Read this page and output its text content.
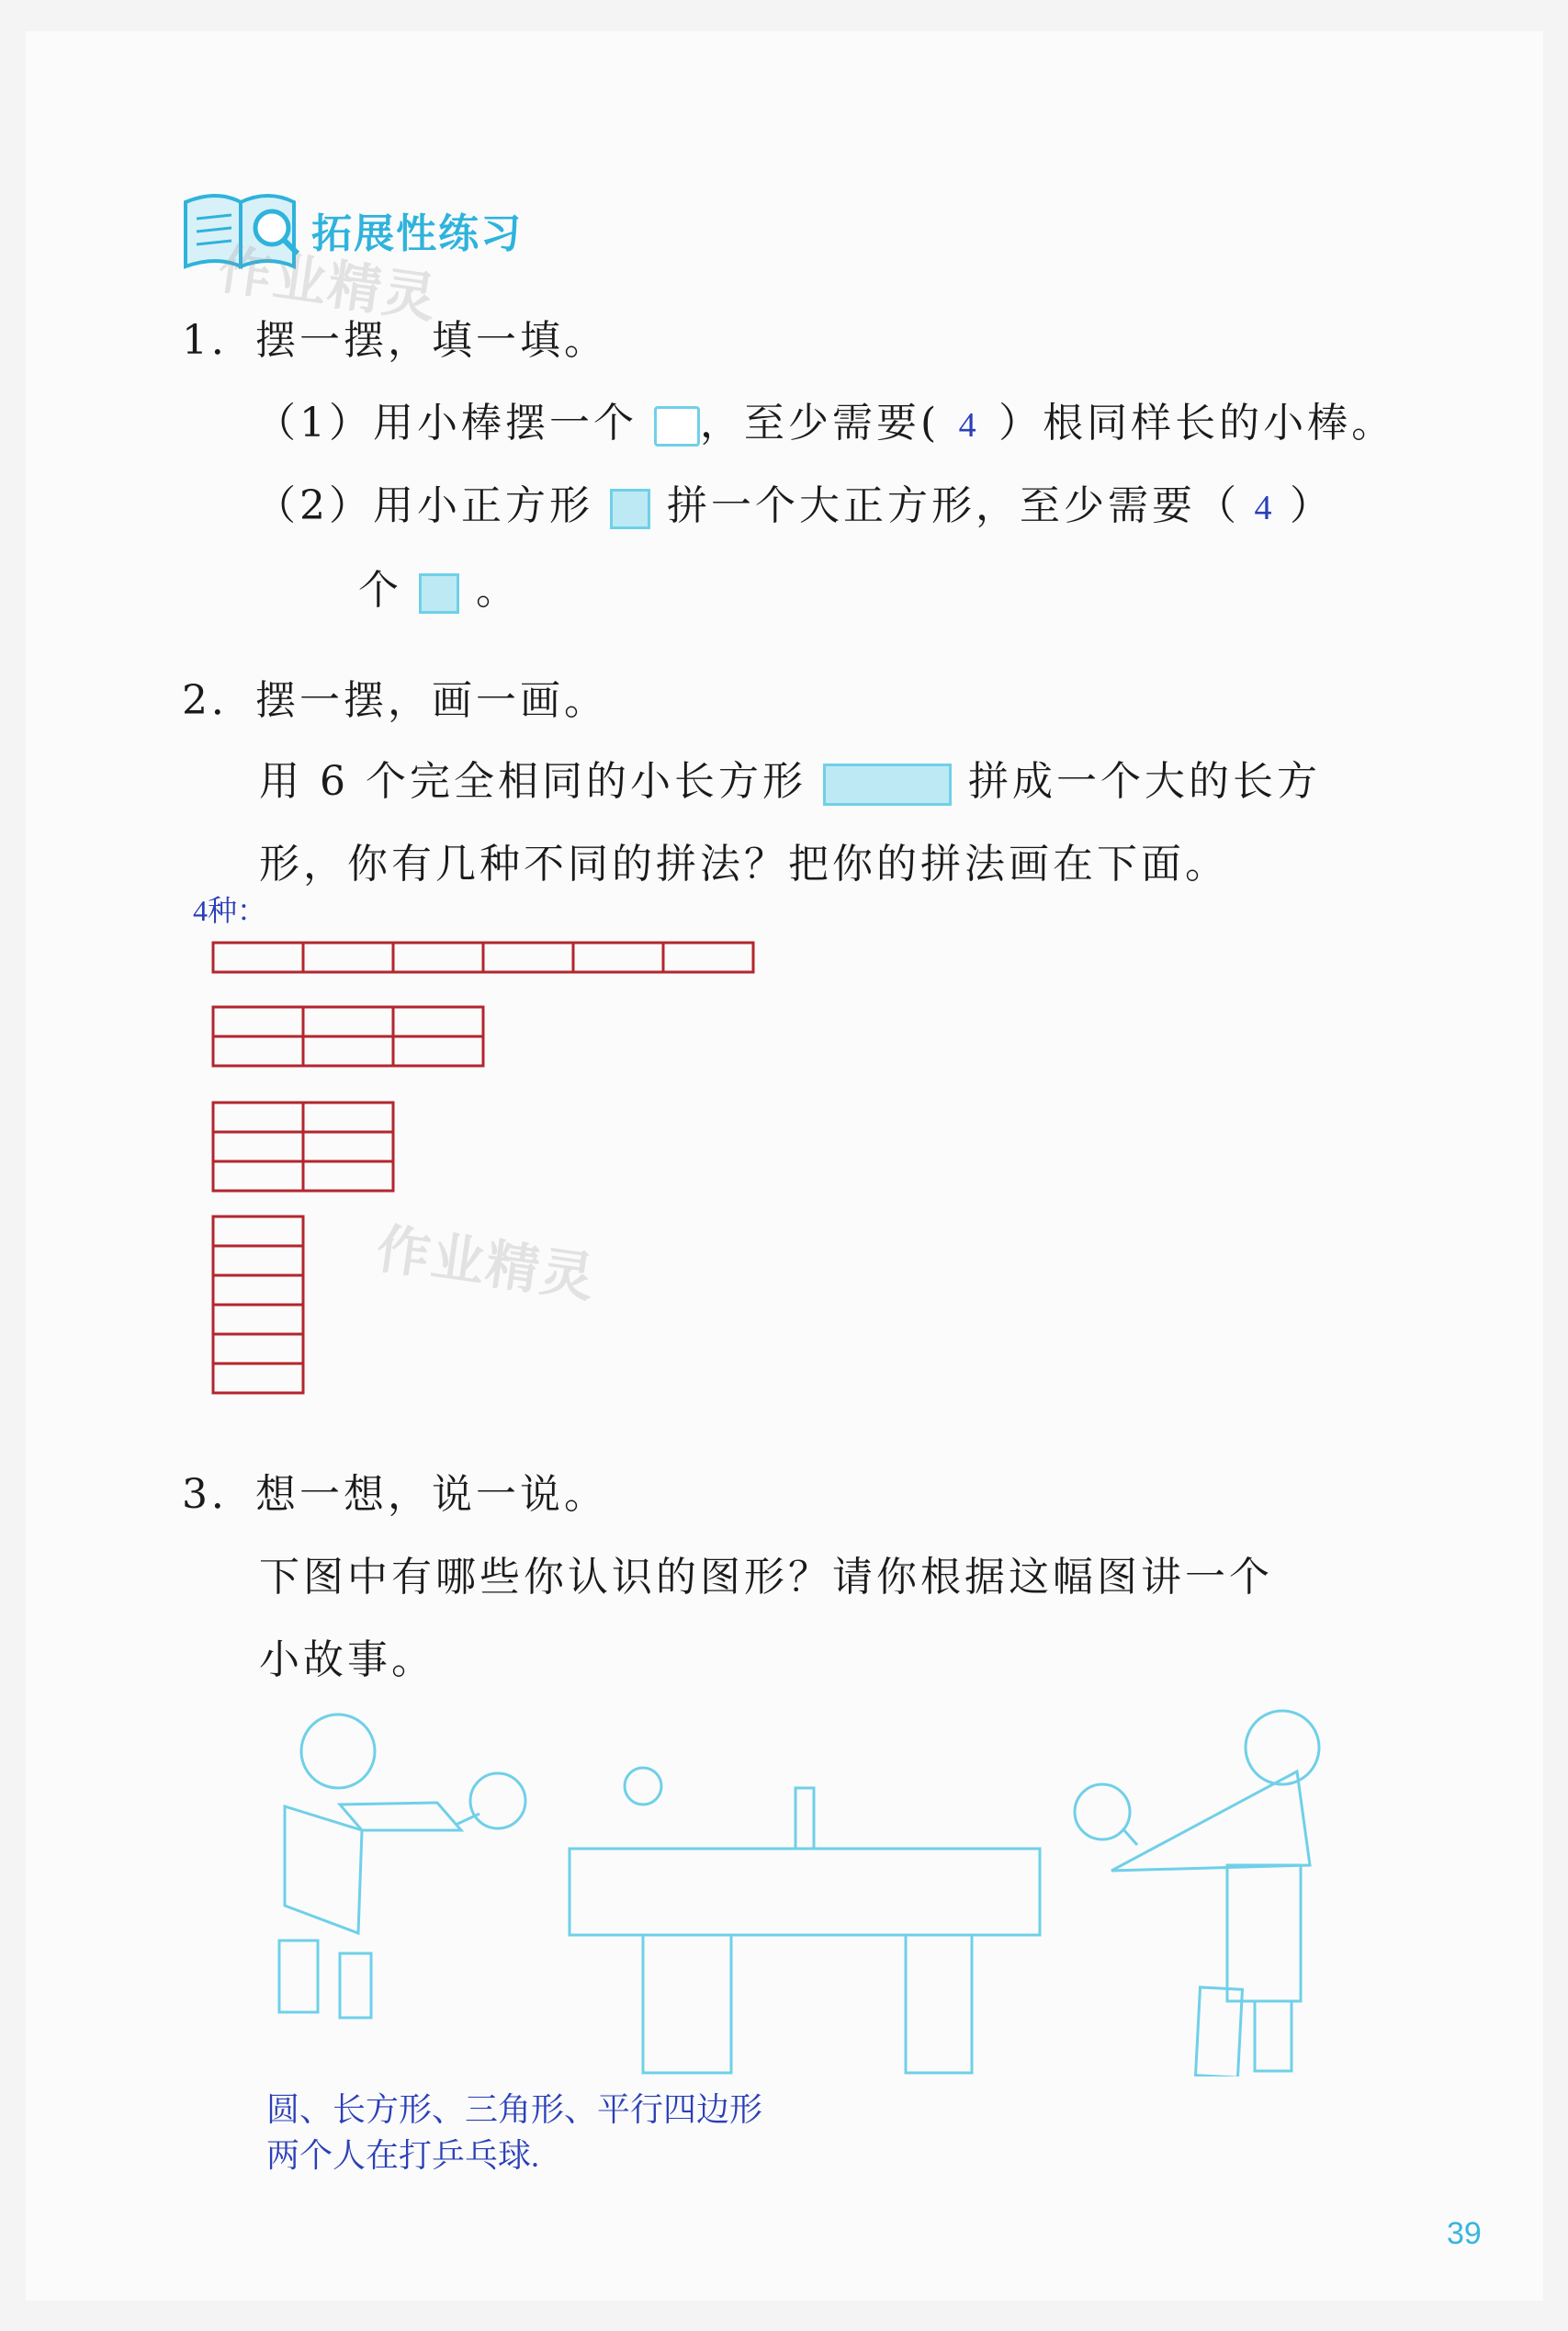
拓展性练习
作业精灵
作业精灵
1．摆一摆，填一填。
（1）用小棒摆一个 ，至少需要( 4 ）根同样长的小棒。
（2）用小正方形 拼一个大正方形，至少需要（ 4 ）
个 。
2．摆一摆，画一画。
用 6 个完全相同的小长方形	拼成一个大的长方
形，你有几种不同的拼法？把你的拼法画在下面。
4种：
3．想一想，说一说。
下图中有哪些你认识的图形？请你根据这幅图讲一个
小故事。
圆、长方形、三角形、平行四边形
两个人在打乒乓球.
39
